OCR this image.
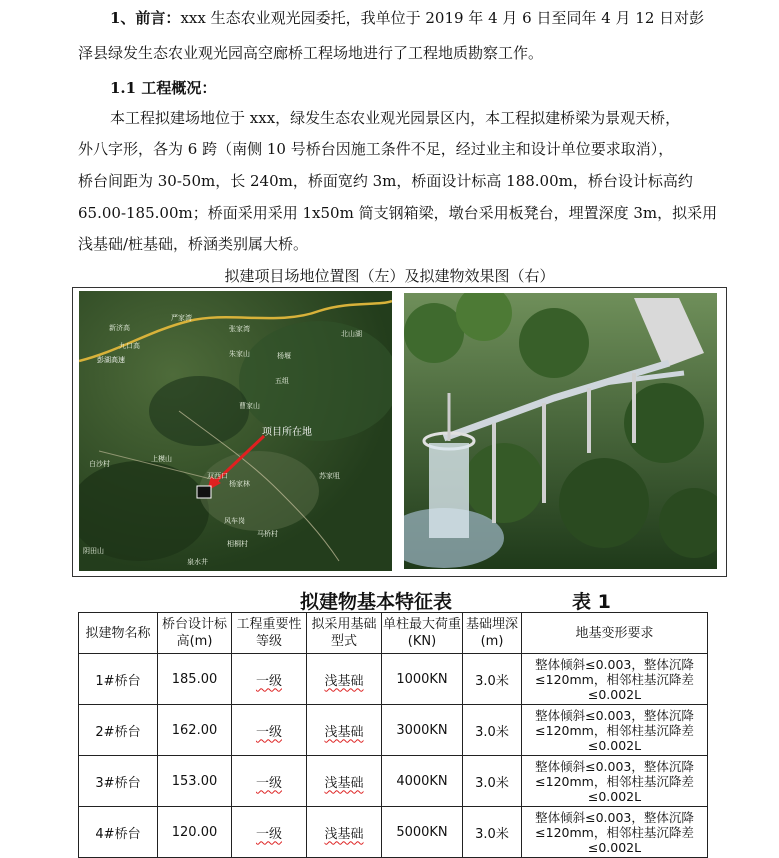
1、前言：xxx 生态农业观光园委托，我单位于 2019 年 4 月 6 日至同年 4 月 12 日对彭
泽县绿发生态农业观光园高空廊桥工程场地进行了工程地质勘察工作。
1.1 工程概况：
本工程拟建场地位于 xxx，绿发生态农业观光园景区内，本工程拟建桥梁为景观天桥，
外八字形，各为 6 跨（南侧 10 号桥台因施工条件不足，经过业主和设计单位要求取消），
桥台间距为 30-50m，长 240m，桥面宽约 3m，桥面设计标高 188.00m，桥台设计标高约
65.00-185.00m；桥面采用采用 1x50m 简支钢箱梁，墩台采用板凳台，埋置深度 3m，拟采用
浅基础/桩基础，桥涵类别属大桥。
拟建项目场地位置图（左）及拟建物效果图（右）
项目所在地
彭湖高速
新济高
严家湾
九口高
张家湾
北山湖
朱家山	杨堰
五组
曹家山
上模山
白沙村
双西口
杨家林
苏家咀
风车岗
马桥村
泉水井
阴田山
相桐村
拟建物基本特征表	表 1
拟建物名称	桥台设计标高(m)	工程重要性等级	拟采用基础型式	单柱最大荷重(KN)	基础埋深(m)	地基变形要求
1#桥台	185.00	一级	浅基础	1000KN	3.0米	整体倾斜≤0.003，整体沉降≤120mm，相邻柱基沉降差≤0.002L
2#桥台	162.00	一级	浅基础	3000KN	3.0米	整体倾斜≤0.003，整体沉降≤120mm，相邻柱基沉降差≤0.002L
3#桥台	153.00	一级	浅基础	4000KN	3.0米	整体倾斜≤0.003，整体沉降≤120mm，相邻柱基沉降差≤0.002L
4#桥台	120.00	一级	浅基础	5000KN	3.0米	整体倾斜≤0.003，整体沉降≤120mm，相邻柱基沉降差≤0.002L
